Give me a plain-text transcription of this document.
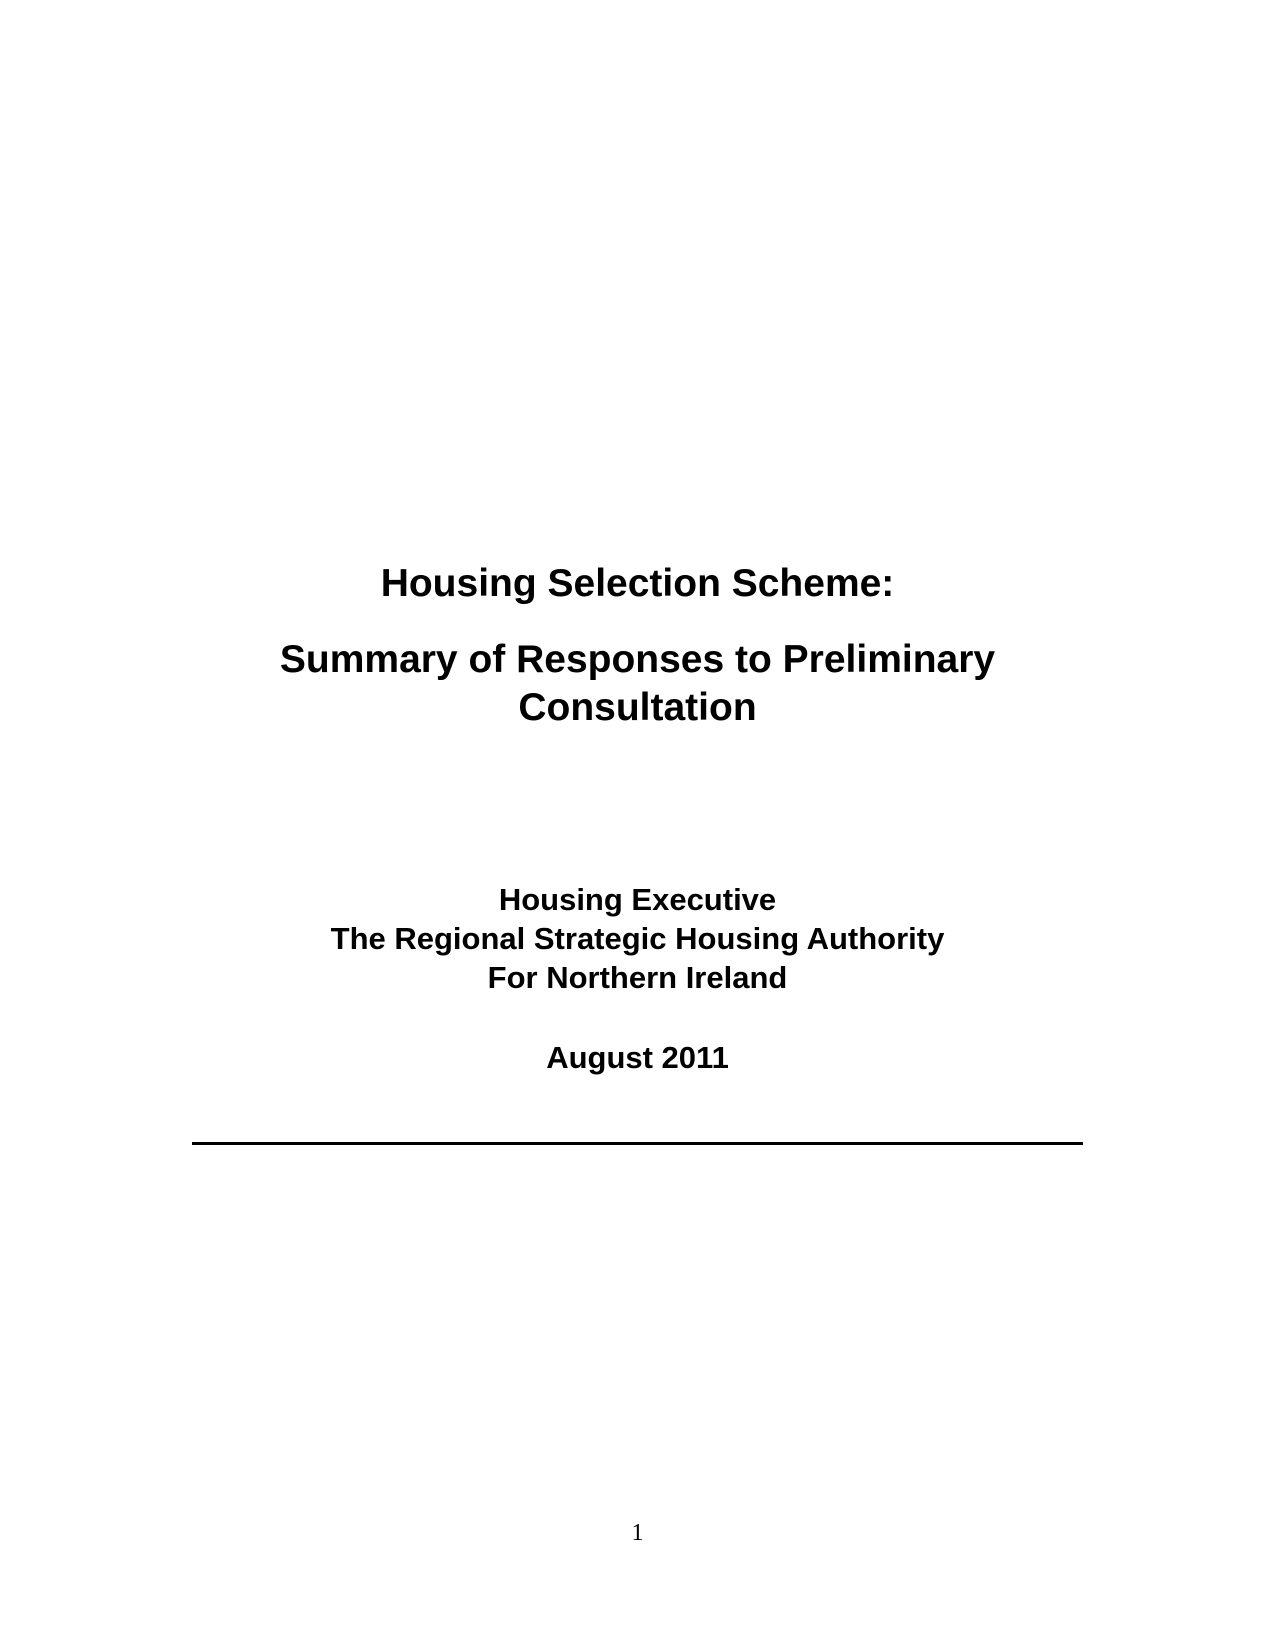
Housing Selection Scheme:
Summary of Responses to Preliminary
Consultation
Housing Executive
The Regional Strategic Housing Authority
For Northern Ireland
August 2011
1
